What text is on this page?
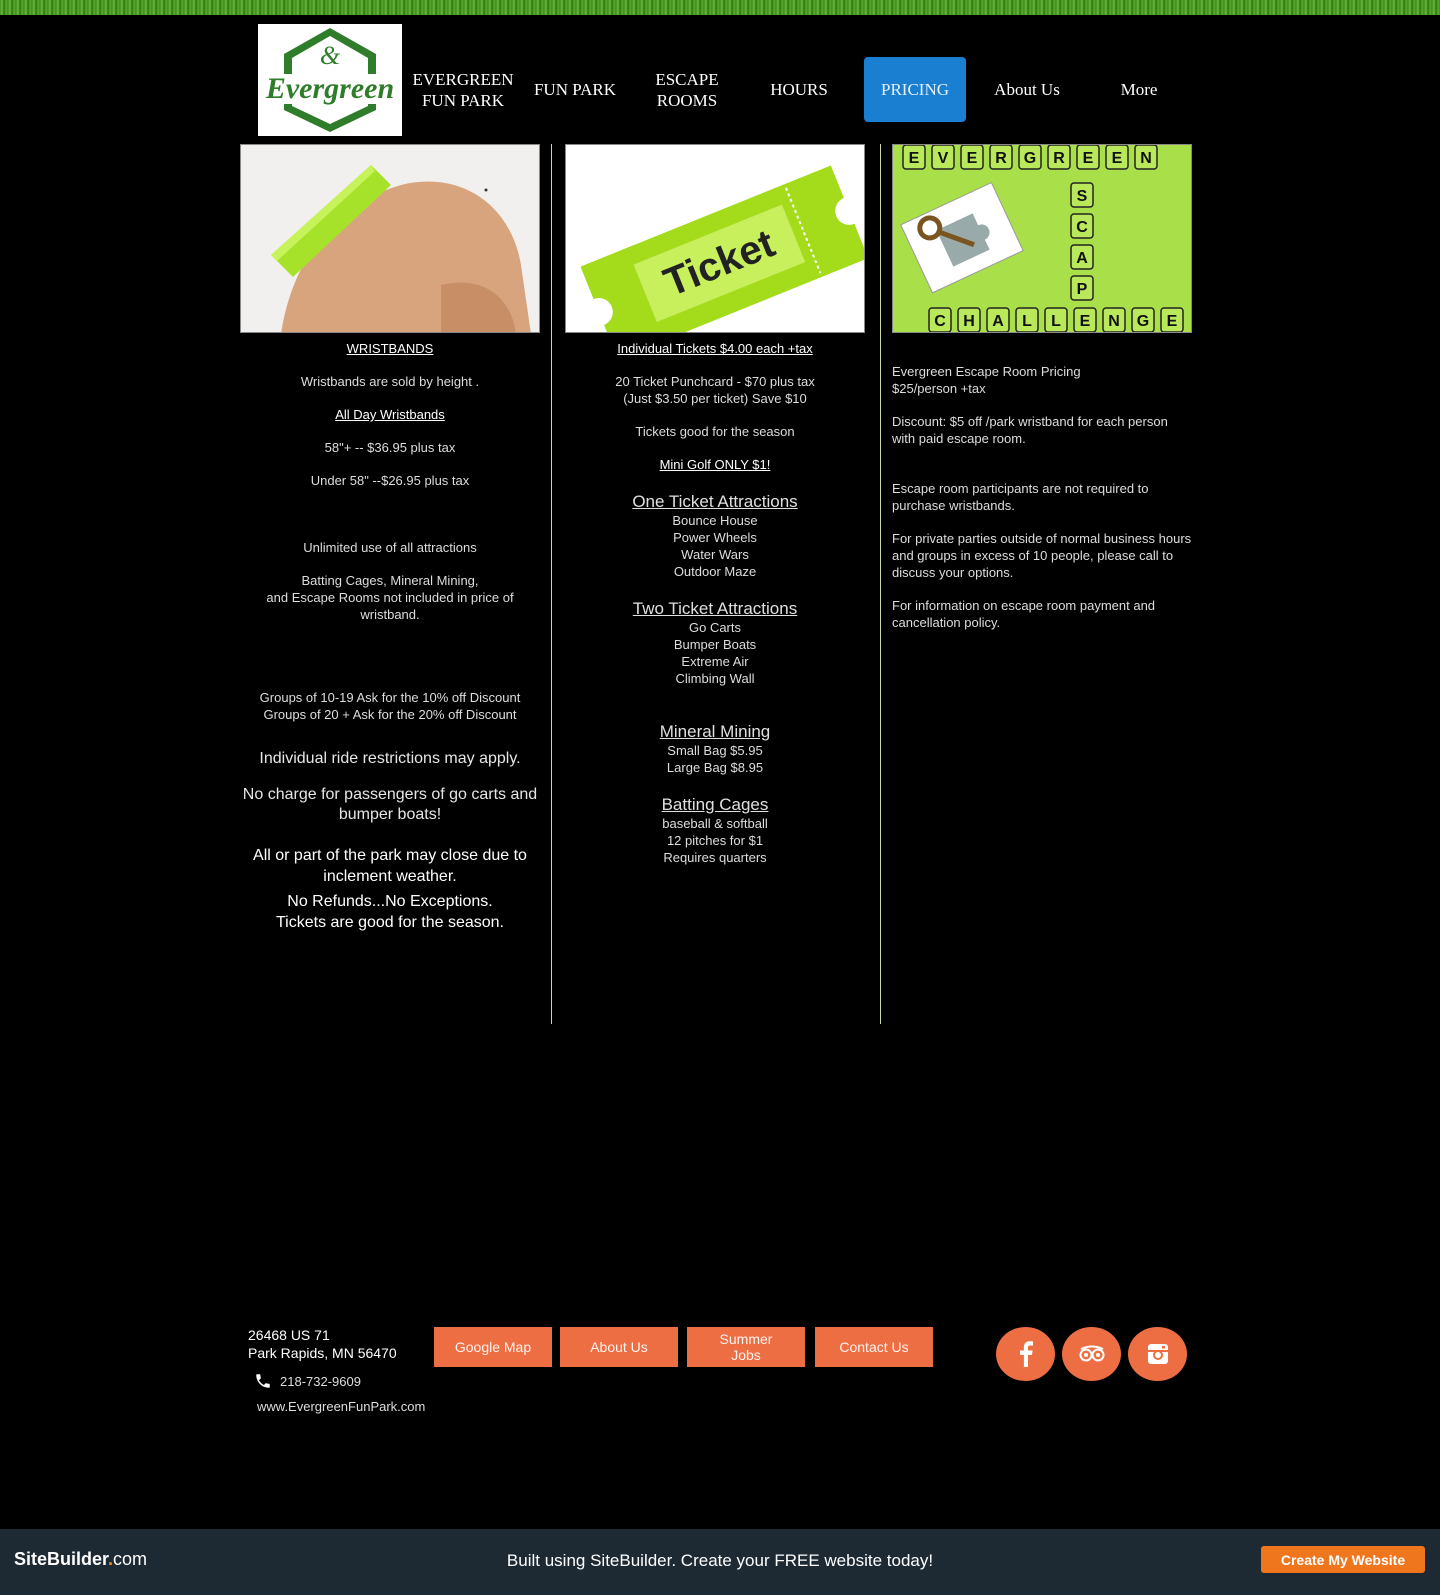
&
Evergreen EVERGREEN
FUN PARK
FUN PARK
ESCAPE
ROOMS
HOURS	PRICING	About Us	More

WRISTBANDS

Wristbands are sold by height .

All Day Wristbands

58"+ -- $36.95 plus tax

Under 58" --$26.95 plus tax

Unlimited use of all attractions

Batting Cages, Mineral Mining,
and Escape Rooms not included in price of wristband.

Groups of 10-19 Ask for the 10% off Discount

Groups of 20 + Ask for the 20% off Discount

Individual ride restrictions may apply.

No charge for passengers of go carts and bumper boats!

All or part of the park may close due to inclement weather.

No Refunds...No Exceptions.

Tickets are good for the season.

Ticket

Individual Tickets $4.00 each +tax

20 Ticket Punchcard - $70 plus tax

(Just $3.50 per ticket) Save $10

Tickets good for the season

Mini Golf ONLY $1!

One Ticket Attractions

Bounce House

Power Wheels

Water Wars

Outdoor Maze

Two Ticket Attractions

Go Carts

Bumper Boats

Extreme Air

Climbing Wall

Mineral Mining

Small Bag $5.95

Large Bag $8.95

Batting Cages

baseball & softball

12 pitches for $1

Requires quarters

E V E R G R E E N
S
C
A
P
C H A L L E N G E

Evergreen Escape Room Pricing

$25/person +tax

Discount: $5 off /park wristband for each person with paid escape room.

Escape room participants are not required to purchase wristbands.

For private parties outside of normal business hours and groups in excess of 10 people, please call to discuss your options.

For information on escape room payment and cancellation policy.

26468 US 71
Park Rapids, MN 56470
218-732-9609
www.EvergreenFunPark.com
Google Map	About Us	Summer
Jobs	Contact Us
SiteBuilder.com	Built using SiteBuilder. Create your FREE website today!	Create My Website
